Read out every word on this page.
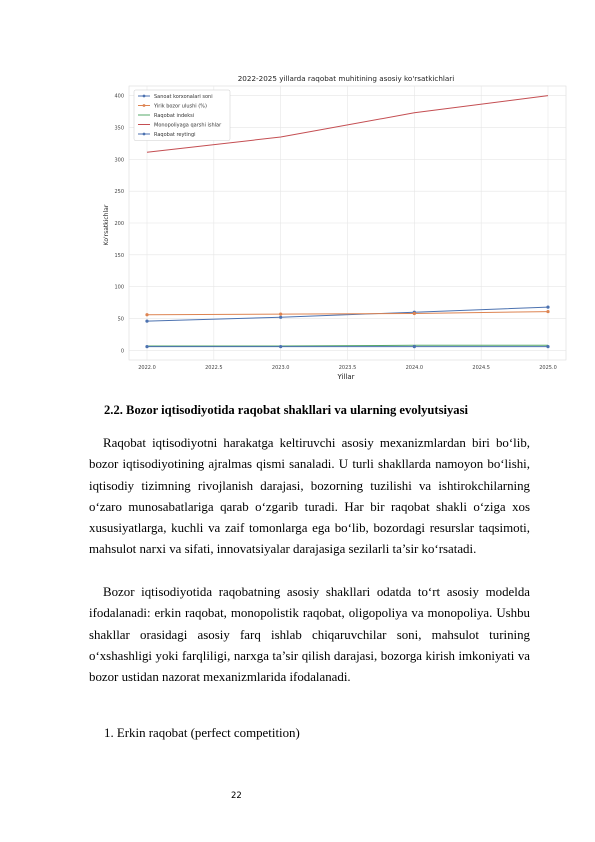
2022-2025 yillarda raqobat muhitining asosiy ko'rsatkichlari
0
50
100
150
200
250
300
350
400
2022.0	2022.5	2023.0	2023.5	2024.0	2024.5	2025.0
Sanoat korxonalari soni
Yirik bozor ulushi (%)
Raqobat indeksi
Monopoliyaga qarshi ishlar
Raqobat reytingi
Yillar
Ko'rsatkichlar
2.2. Bozor iqtisodiyotida raqobat shakllari va ularning evolyutsiyasi
Raqobat iqtisodiyotni harakatga keltiruvchi asosiy mexanizmlardan biri bo‘lib, bozor iqtisodiyotining ajralmas qismi sanaladi. U turli shakllarda namoyon bo‘lishi, iqtisodiy tizimning rivojlanish darajasi, bozorning tuzilishi va ishtirokchilarning o‘zaro munosabatlariga qarab o‘zgarib turadi. Har bir raqobat shakli o‘ziga xos xususiyatlarga, kuchli va zaif tomonlarga ega bo‘lib, bozordagi resurslar taqsimoti, mahsulot narxi va sifati, innovatsiyalar darajasiga sezilarli ta’sir ko‘rsatadi.
Bozor iqtisodiyotida raqobatning asosiy shakllari odatda to‘rt asosiy modelda ifodalanadi: erkin raqobat, monopolistik raqobat, oligopoliya va monopoliya. Ushbu shakllar orasidagi asosiy farq ishlab chiqaruvchilar soni, mahsulot turining o‘xshashligi yoki farqliligi, narxga ta’sir qilish darajasi, bozorga kirish imkoniyati va bozor ustidan nazorat mexanizmlarida ifodalanadi.
1. Erkin raqobat (perfect competition)
22
